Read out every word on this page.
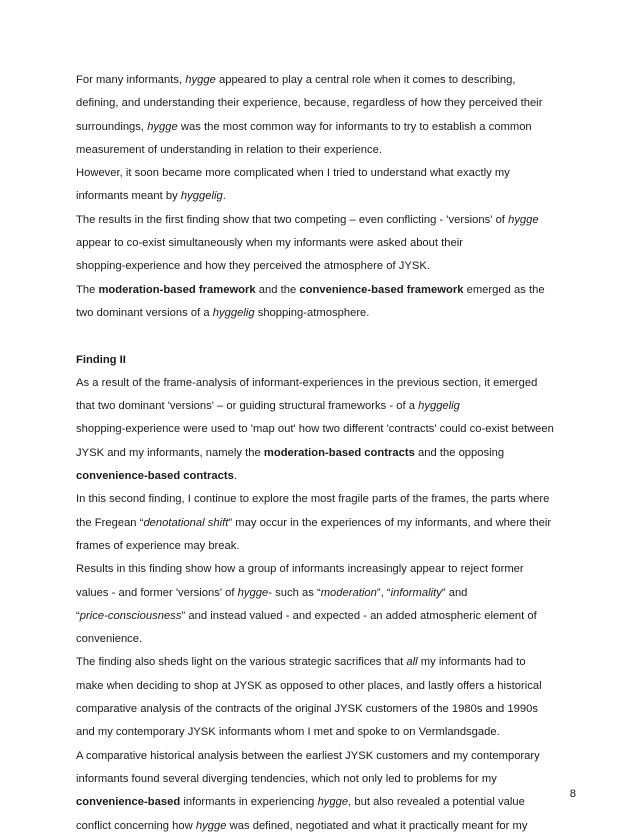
For many informants, hygge appeared to play a central role when it comes to describing,
defining, and understanding their experience, because, regardless of how they perceived their
surroundings, hygge was the most common way for informants to try to establish a common
measurement of understanding in relation to their experience.
However, it soon became more complicated when I tried to understand what exactly my
informants meant by hyggelig.
The results in the first finding show that two competing – even conflicting - 'versions' of hygge
appear to co-exist simultaneously when my informants were asked about their
shopping-experience and how they perceived the atmosphere of JYSK.
The moderation-based framework and the convenience-based framework emerged as the
two dominant versions of a hyggelig shopping-atmosphere.
Finding II
As a result of the frame-analysis of informant-experiences in the previous section, it emerged
that two dominant 'versions' – or guiding structural frameworks - of a hyggelig
shopping-experience were used to 'map out' how two different 'contracts' could co-exist between
JYSK and my informants, namely the moderation-based contracts and the opposing
convenience-based contracts.
In this second finding, I continue to explore the most fragile parts of the frames, the parts where
the Fregean “denotational shift” may occur in the experiences of my informants, and where their
frames of experience may break.
Results in this finding show how a group of informants increasingly appear to reject former
values - and former 'versions' of hygge- such as “moderation”, “informality” and
“price-consciousness” and instead valued - and expected - an added atmospheric element of
convenience.
The finding also sheds light on the various strategic sacrifices that all my informants had to
make when deciding to shop at JYSK as opposed to other places, and lastly offers a historical
comparative analysis of the contracts of the original JYSK customers of the 1980s and 1990s
and my contemporary JYSK informants whom I met and spoke to on Vermlandsgade.
A comparative historical analysis between the earliest JYSK customers and my contemporary
informants found several diverging tendencies, which not only led to problems for my
convenience-based informants in experiencing hygge, but also revealed a potential value
conflict concerning how hygge was defined, negotiated and what it practically meant for my
8
